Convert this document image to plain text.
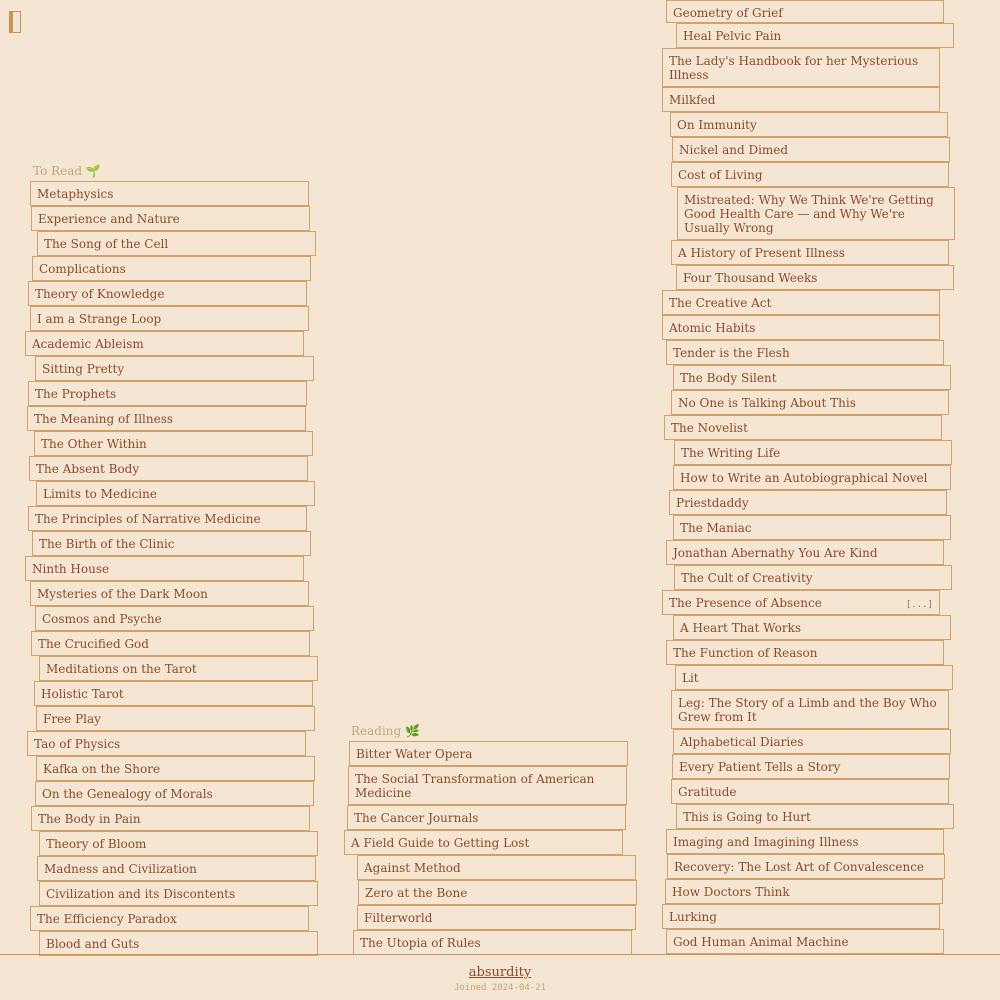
To Read 🌱
Metaphysics
Experience and Nature
The Song of the Cell
Complications
Theory of Knowledge
I am a Strange Loop
Academic Ableism
Sitting Pretty
The Prophets
The Meaning of Illness
The Other Within
The Absent Body
Limits to Medicine
The Principles of Narrative Medicine
The Birth of the Clinic
Ninth House
Mysteries of the Dark Moon
Cosmos and Psyche
The Crucified God
Meditations on the Tarot
Holistic Tarot
Free Play
Tao of Physics
Kafka on the Shore
On the Genealogy of Morals
The Body in Pain
Theory of Bloom
Madness and Civilization
Civilization and its Discontents
The Efficiency Paradox
Blood and Guts
Reading 🌿
Bitter Water Opera
The Social Transformation of American Medicine
The Cancer Journals
A Field Guide to Getting Lost
Against Method
Zero at the Bone
Filterworld
The Utopia of Rules
Geometry of Grief
Heal Pelvic Pain
The Lady's Handbook for her Mysterious Illness
Milkfed
On Immunity
Nickel and Dimed
Cost of Living
Mistreated: Why We Think We're Getting Good Health Care — and Why We're Usually Wrong
A History of Present Illness
Four Thousand Weeks
The Creative Act
Atomic Habits
Tender is the Flesh
The Body Silent
No One is Talking About This
The Novelist
The Writing Life
How to Write an Autobiographical Novel
Priestdaddy
The Maniac
Jonathan Abernathy You Are Kind
The Cult of Creativity
The Presence of Absence	[...]
A Heart That Works
The Function of Reason
Lit
Leg: The Story of a Limb and the Boy Who Grew from It
Alphabetical Diaries
Every Patient Tells a Story
Gratitude
This is Going to Hurt
Imaging and Imagining Illness
Recovery: The Lost Art of Convalescence
How Doctors Think
Lurking
God Human Animal Machine
absurdity
Joined 2024-04-21
